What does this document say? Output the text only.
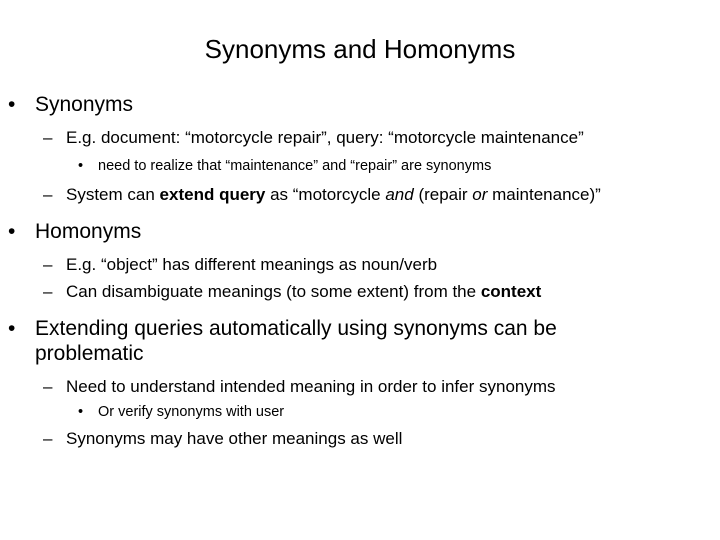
Synonyms and Homonyms
• Synonyms
– E.g. document: “motorcycle repair”, query: “motorcycle maintenance”
• need to realize that “maintenance” and “repair” are synonyms
– System can extend query as “motorcycle and (repair or maintenance)”
• Homonyms
– E.g. “object” has different meanings as noun/verb
– Can disambiguate meanings (to some extent) from the context
• Extending queries automatically using synonyms can be
problematic
– Need to understand intended meaning in order to infer synonyms
• Or verify synonyms with user
– Synonyms may have other meanings as well
